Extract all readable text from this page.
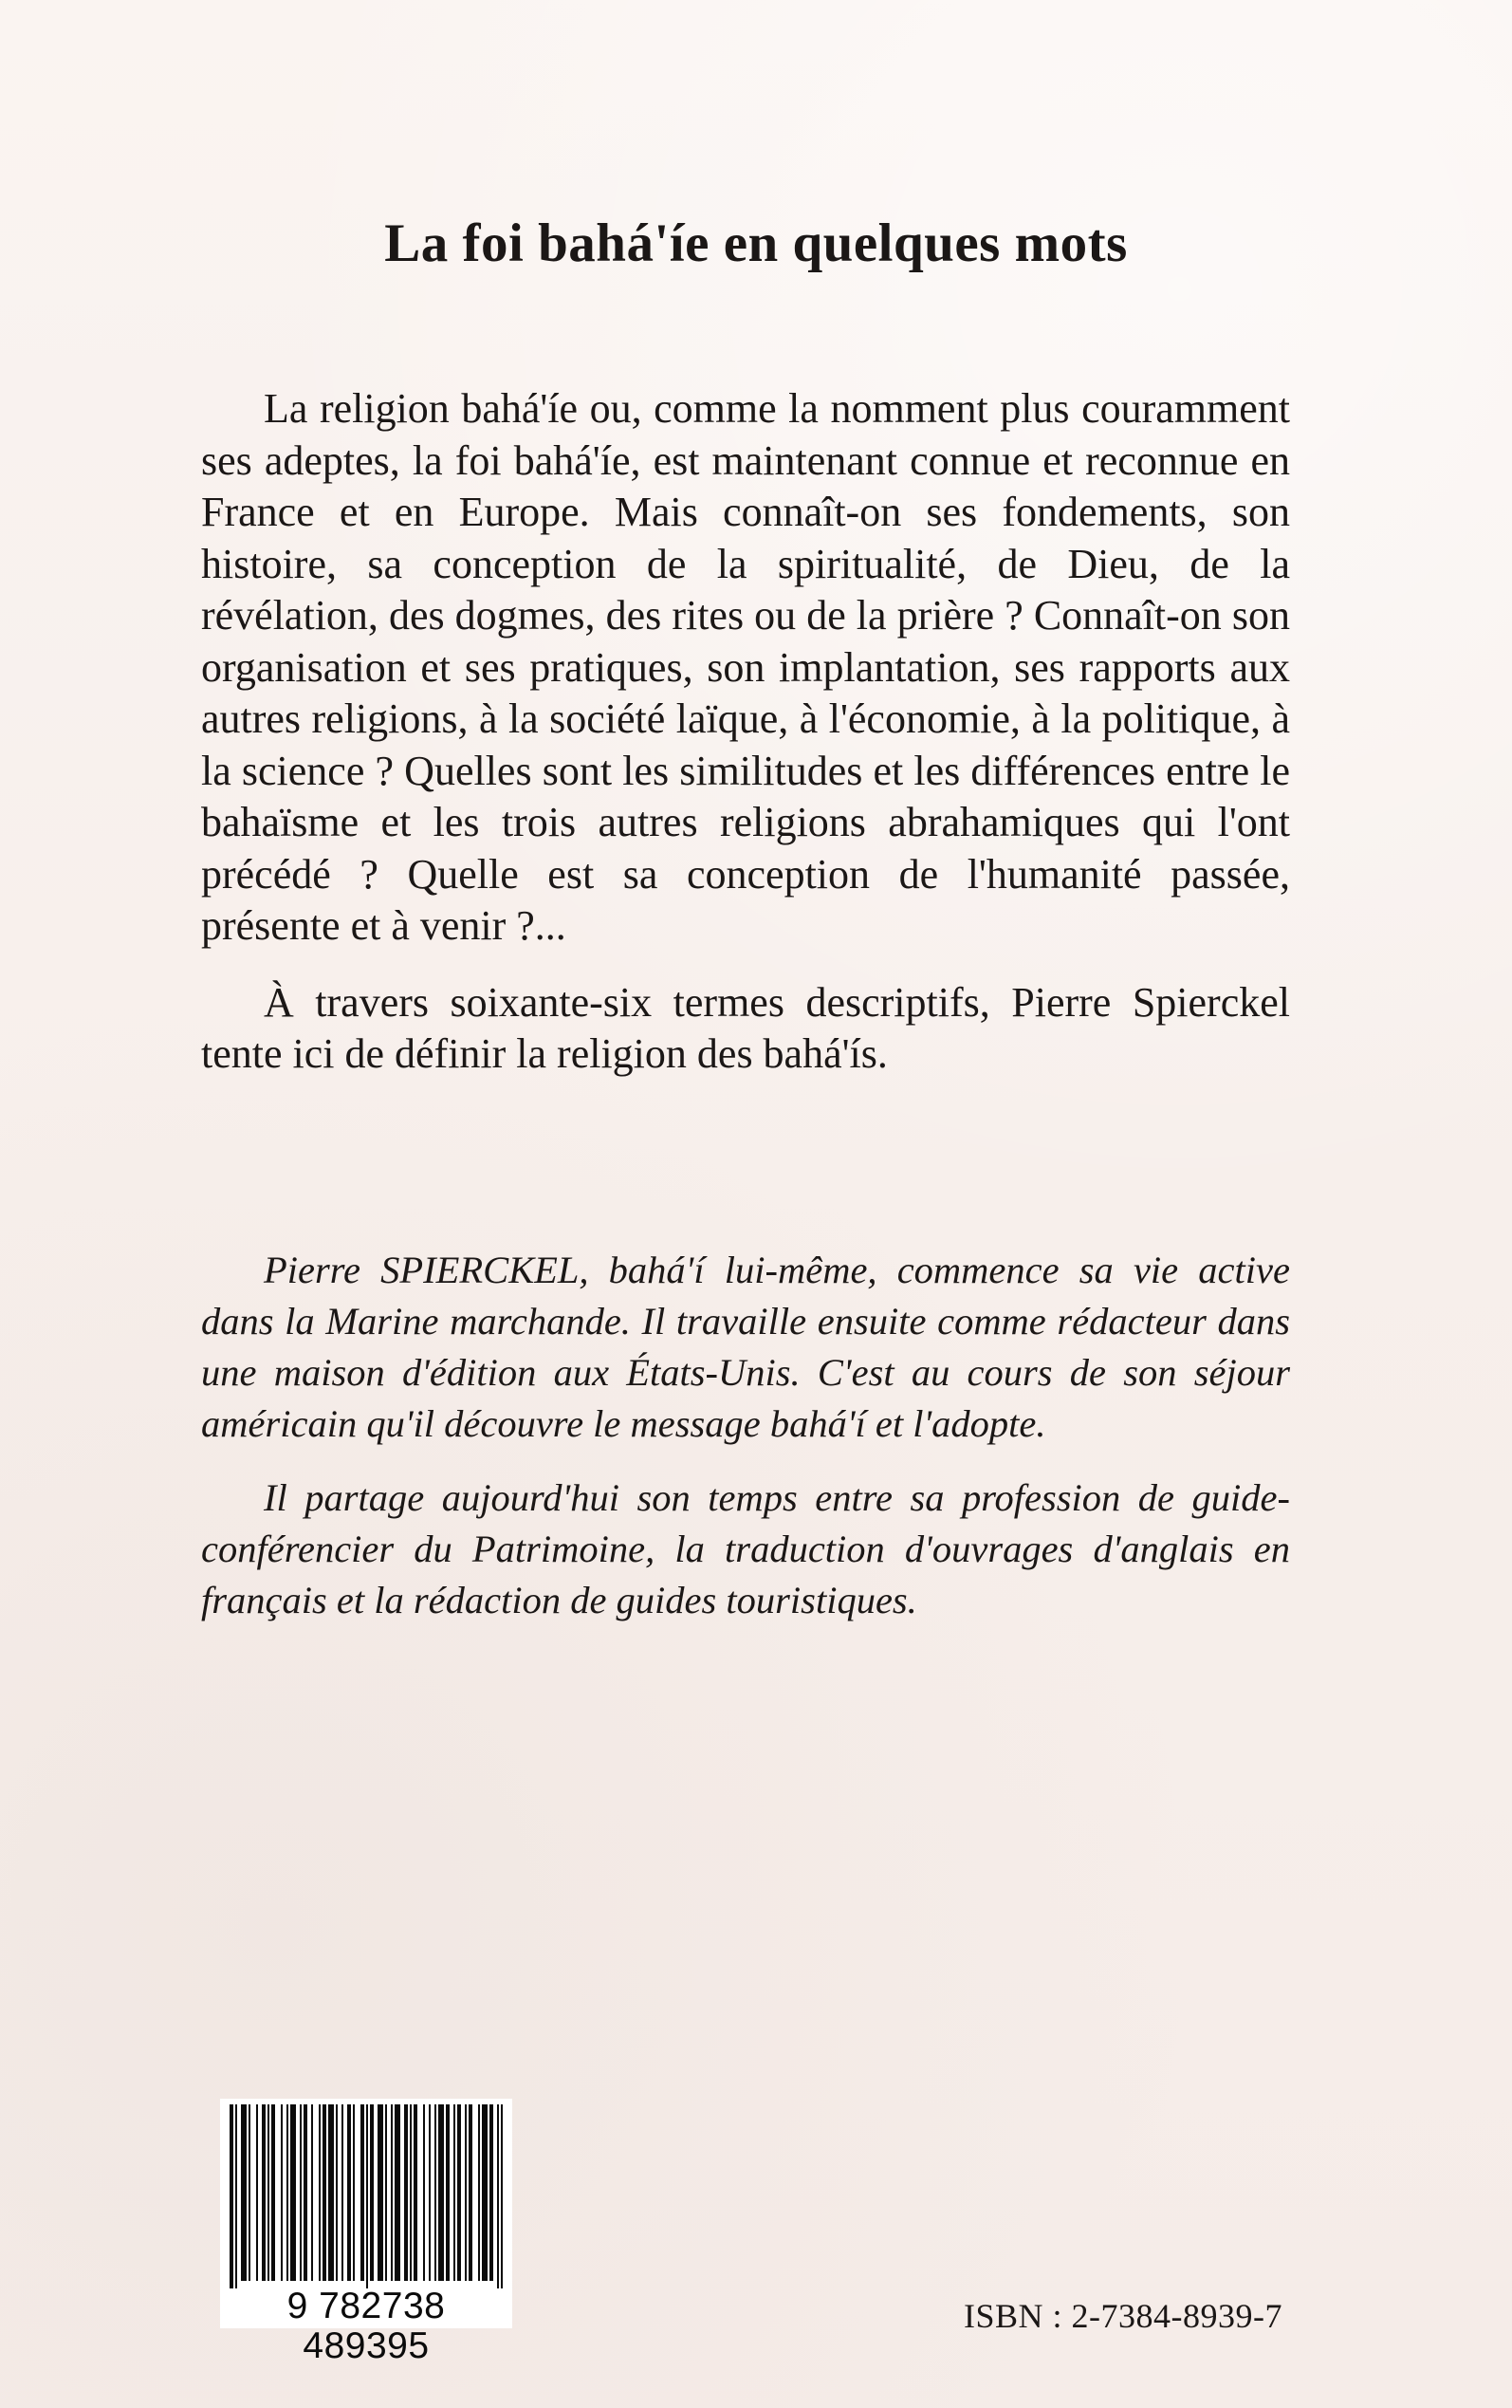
La foi bahá'íe en quelques mots

La religion bahá'íe ou, comme la nomment plus couramment ses adeptes, la foi bahá'íe, est maintenant connue et reconnue en France et en Europe. Mais connaît-on ses fondements, son histoire, sa conception de la spiritualité, de Dieu, de la révélation, des dogmes, des rites ou de la prière ? Connaît-on son organisation et ses pratiques, son implantation, ses rapports aux autres religions, à la société laïque, à l'économie, à la politique, à la science ? Quelles sont les similitudes et les différences entre le bahaïsme et les trois autres religions abrahamiques qui l'ont précédé ? Quelle est sa conception de l'humanité passée, présente et à venir ?...

À travers soixante-six termes descriptifs, Pierre Spierckel tente ici de définir la religion des bahá'ís.

Pierre SPIERCKEL, bahá'í lui-même, commence sa vie active dans la Marine marchande. Il travaille ensuite comme rédacteur dans une maison d'édition aux États-Unis. C'est au cours de son séjour américain qu'il découvre le message bahá'í et l'adopte.

Il partage aujourd'hui son temps entre sa profession de guide-conférencier du Patrimoine, la traduction d'ouvrages d'anglais en français et la rédaction de guides touristiques.

9 782738 489395
ISBN : 2-7384-8939-7
